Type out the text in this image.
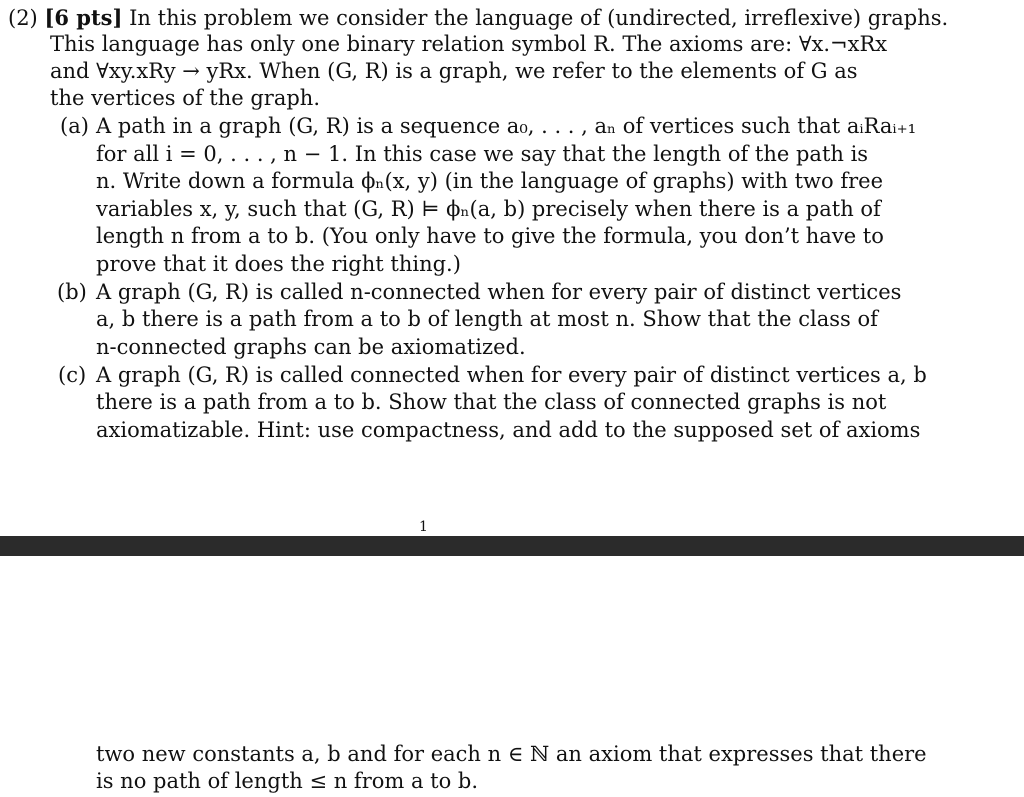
(2) [6 pts] In this problem we consider the language of (undirected, irreflexive) graphs.
This language has only one binary relation symbol R. The axioms are: ∀x.¬xRx
and ∀xy.xRy → yRx. When (G, R) is a graph, we refer to the elements of G as
the vertices of the graph.
(a) A path in a graph (G, R) is a sequence a₀, . . . , aₙ of vertices such that aᵢRaᵢ₊₁
for all i = 0, . . . , n − 1. In this case we say that the length of the path is
n. Write down a formula ϕₙ(x, y) (in the language of graphs) with two free
variables x, y, such that (G, R) ⊨ ϕₙ(a, b) precisely when there is a path of
length n from a to b. (You only have to give the formula, you don’t have to
prove that it does the right thing.)
(b) A graph (G, R) is called n-connected when for every pair of distinct vertices
a, b there is a path from a to b of length at most n. Show that the class of
n-connected graphs can be axiomatized.
(c) A graph (G, R) is called connected when for every pair of distinct vertices a, b
there is a path from a to b. Show that the class of connected graphs is not
axiomatizable. Hint: use compactness, and add to the supposed set of axioms
1
two new constants a, b and for each n ∈ ℕ an axiom that expresses that there
is no path of length ≤ n from a to b.
